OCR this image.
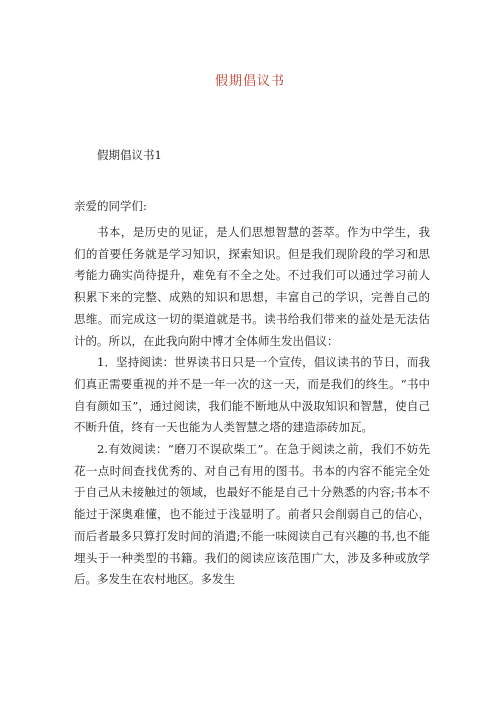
假期倡议书
假期倡议书1
亲爱的同学们:

书本，是历史的见证，是人们思想智慧的荟萃。作为中学生，我们的首要任务就是学习知识，探索知识。但是我们现阶段的学习和思考能力确实尚待提升，难免有不全之处。不过我们可以通过学习前人积累下来的完整、成熟的知识和思想，丰富自己的学识，完善自己的思维。而完成这一切的渠道就是书。读书给我们带来的益处是无法估计的。所以，在此我向附中博才全体师生发出倡议：

1．坚持阅读：世界读书日只是一个宣传，倡议读书的节日，而我们真正需要重视的并不是一年一次的这一天，而是我们的终生。“书中自有颜如玉”，通过阅读，我们能不断地从中汲取知识和智慧，使自己不断升值，终有一天也能为人类智慧之塔的建造添砖加瓦。

2.有效阅读：“磨刀不误砍柴工”。在急于阅读之前，我们不妨先花一点时间查找优秀的、对自己有用的图书。书本的内容不能完全处于自己从未接触过的领域，也最好不能是自己十分熟悉的内容;书本不能过于深奥难懂，也不能过于浅显明了。前者只会削弱自己的信心，而后者最多只算打发时间的消遣;不能一味阅读自己有兴趣的书,也不能埋头于一种类型的书籍。我们的阅读应该范围广大，涉及多种或放学后。多发生在农村地区。多发生
